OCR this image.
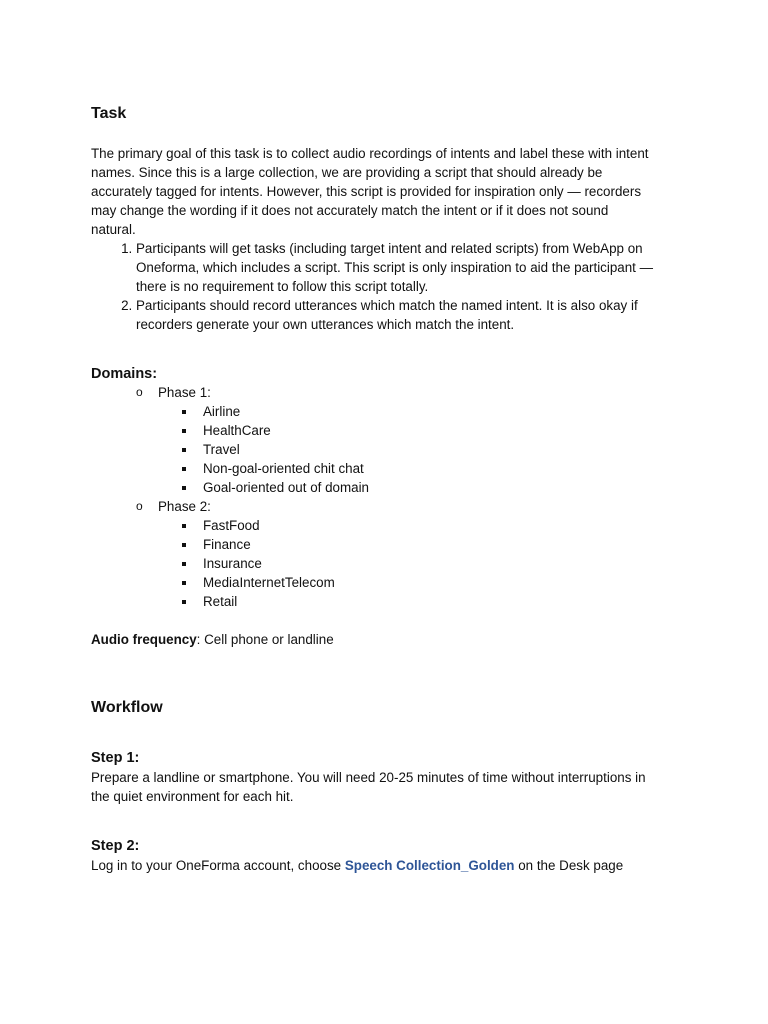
Task
The primary goal of this task is to collect audio recordings of intents and label these with intent
names. Since this is a large collection, we are providing a script that should already be
accurately tagged for intents. However, this script is provided for inspiration only — recorders
may change the wording if it does not accurately match the intent or if it does not sound
natural.
1. Participants will get tasks (including target intent and related scripts) from WebApp on
Oneforma, which includes a script. This script is only inspiration to aid the participant —
there is no requirement to follow this script totally.
2. Participants should record utterances which match the named intent. It is also okay if
recorders generate your own utterances which match the intent.
Domains:
o Phase 1:
Airline
HealthCare
Travel
Non-goal-oriented chit chat
Goal-oriented out of domain
o Phase 2:
FastFood
Finance
Insurance
MediaInternetTelecom
Retail
Audio frequency: Cell phone or landline
Workflow
Step 1:
Prepare a landline or smartphone. You will need 20-25 minutes of time without interruptions in
the quiet environment for each hit.
Step 2:
Log in to your OneForma account, choose Speech Collection_Golden on the Desk page
